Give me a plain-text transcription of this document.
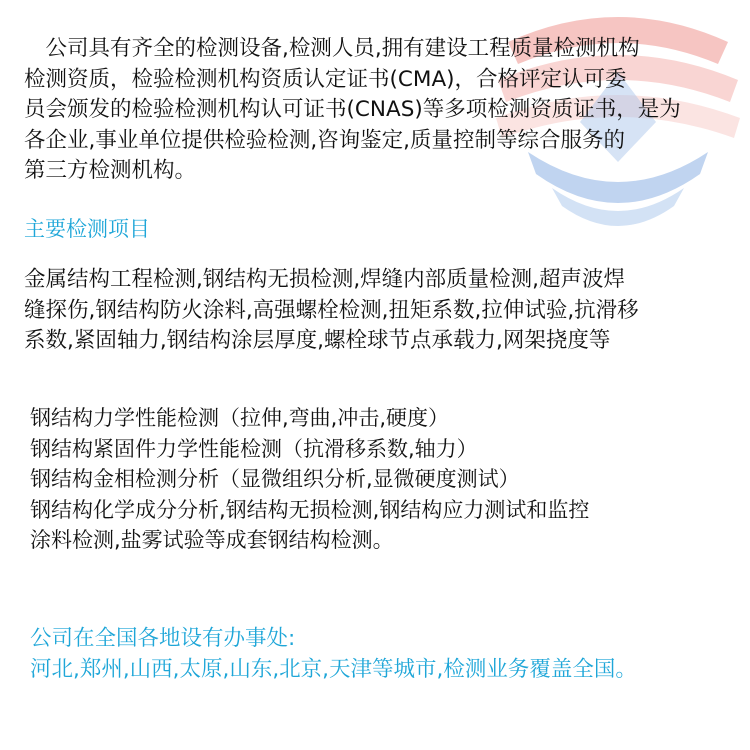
　公司具有齐全的检测设备,检测人员,拥有建设工程质量检测机构
检测资质，检验检测机构资质认定证书(CMA)，合格评定认可委
员会颁发的检验检测机构认可证书(CNAS)等多项检测资质证书，是为
各企业,事业单位提供检验检测,咨询鉴定,质量控制等综合服务的
第三方检测机构。
主要检测项目
金属结构工程检测,钢结构无损检测,焊缝内部质量检测,超声波焊
缝探伤,钢结构防火涂料,高强螺栓检测,扭矩系数,拉伸试验,抗滑移
系数,紧固轴力,钢结构涂层厚度,螺栓球节点承载力,网架挠度等
钢结构力学性能检测（拉伸,弯曲,冲击,硬度）
钢结构紧固件力学性能检测（抗滑移系数,轴力）
钢结构金相检测分析（显微组织分析,显微硬度测试）
钢结构化学成分分析,钢结构无损检测,钢结构应力测试和监控
涂料检测,盐雾试验等成套钢结构检测。
公司在全国各地设有办事处:
河北,郑州,山西,太原,山东,北京,天津等城市,检测业务覆盖全国。
